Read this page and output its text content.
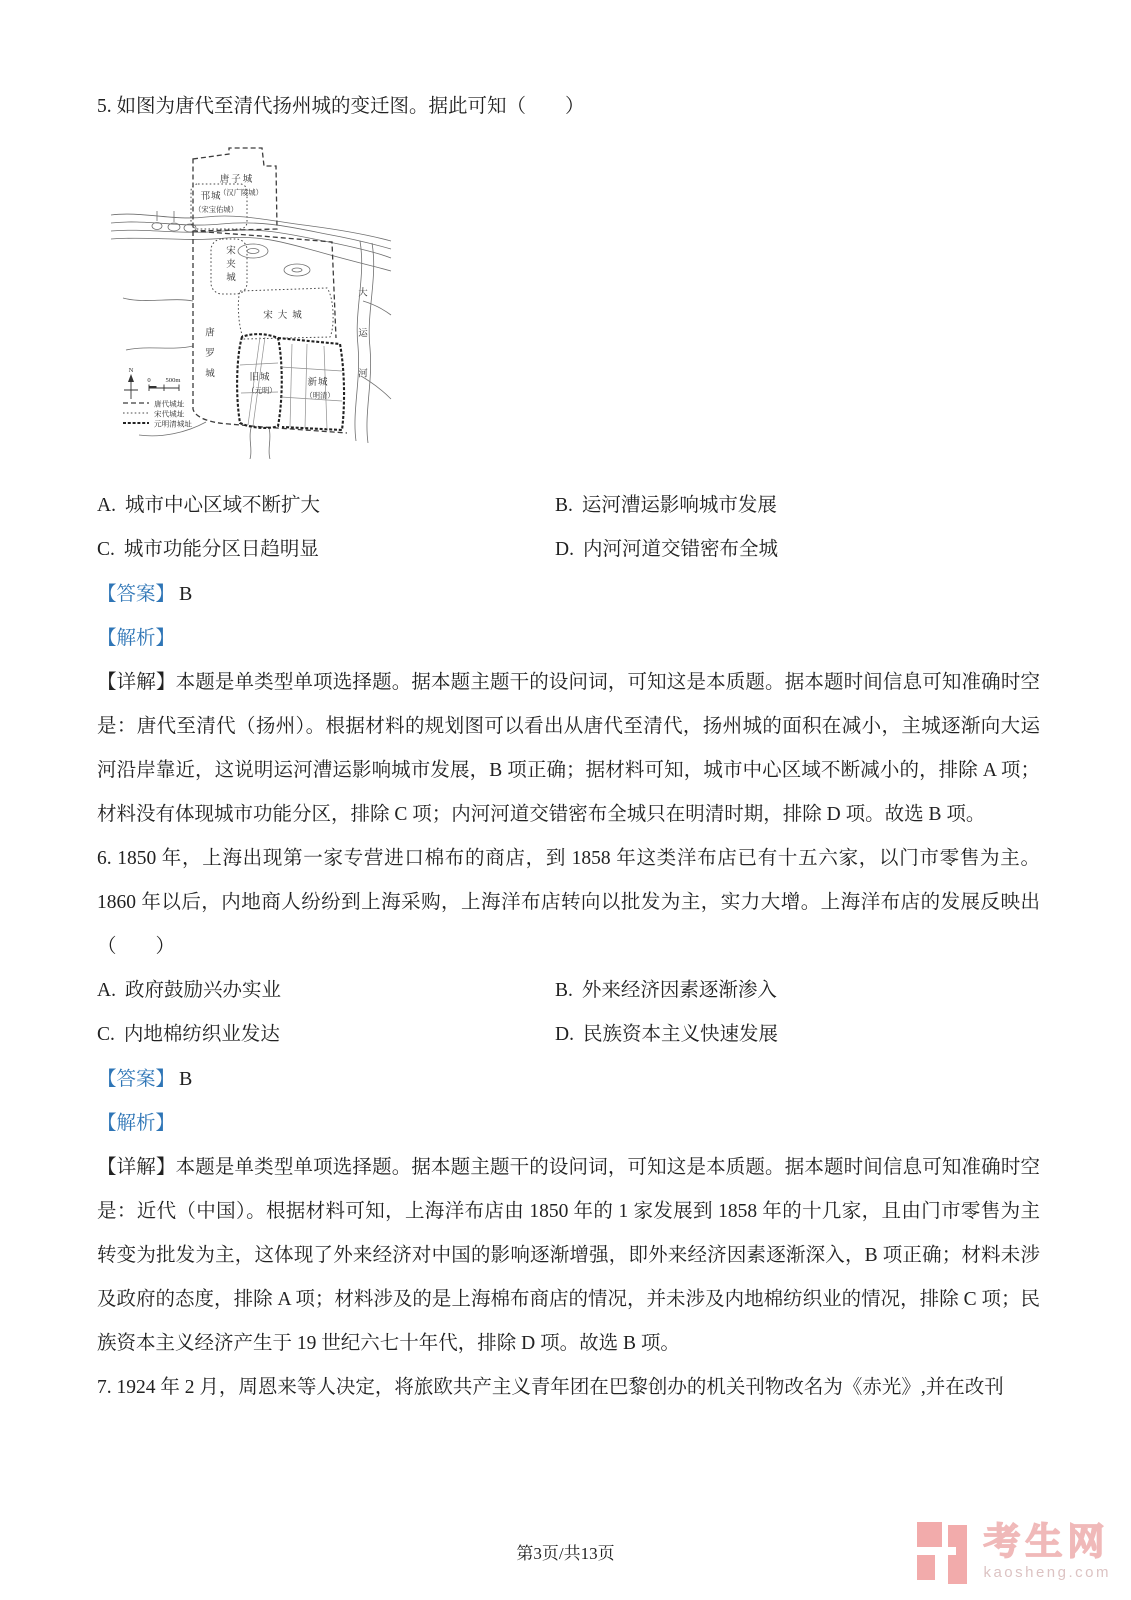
5. 如图为唐代至清代扬州城的变迁图。据此可知（　　）
N
0 500m
唐代城址
宋代城址
元明清城址
唐子城
（汉广陵城）
邗城
（宋宝佑城）
宋夹城
宋大城
唐罗城	旧城
（元明）
新城
（明清） 大运河
A. 城市中心区域不断扩大	B. 运河漕运影响城市发展
C. 城市功能分区日趋明显	D. 内河河道交错密布全城
【答案】 B
【解析】
【详解】本题是单类型单项选择题。据本题主题干的设问词，可知这是本质题。据本题时间信息可知准确时空是：唐代至清代（扬州）。根据材料的规划图可以看出从唐代至清代，扬州城的面积在减小，主城逐渐向大运河沿岸靠近，这说明运河漕运影响城市发展，B 项正确；据材料可知，城市中心区域不断减小的，排除 A 项；材料没有体现城市功能分区，排除 C 项；内河河道交错密布全城只在明清时期，排除 D 项。故选 B 项。
6. 1850 年，上海出现第一家专营进口棉布的商店，到 1858 年这类洋布店已有十五六家，以门市零售为主。1860 年以后，内地商人纷纷到上海采购，上海洋布店转向以批发为主，实力大增。上海洋布店的发展反映出（　　）
A. 政府鼓励兴办实业	B. 外来经济因素逐渐渗入
C. 内地棉纺织业发达	D. 民族资本主义快速发展
【答案】 B
【解析】
【详解】本题是单类型单项选择题。据本题主题干的设问词，可知这是本质题。据本题时间信息可知准确时空是：近代（中国）。根据材料可知，上海洋布店由 1850 年的 1 家发展到 1858 年的十几家，且由门市零售为主转变为批发为主，这体现了外来经济对中国的影响逐渐增强，即外来经济因素逐渐深入，B 项正确；材料未涉及政府的态度，排除 A 项；材料涉及的是上海棉布商店的情况，并未涉及内地棉纺织业的情况，排除 C 项；民族资本主义经济产生于 19 世纪六七十年代，排除 D 项。故选 B 项。
7. 1924 年 2 月，周恩来等人决定，将旅欧共产主义青年团在巴黎创办的机关刊物改名为《赤光》,并在改刊
第3页/共13页	考生网
kaosheng.com
